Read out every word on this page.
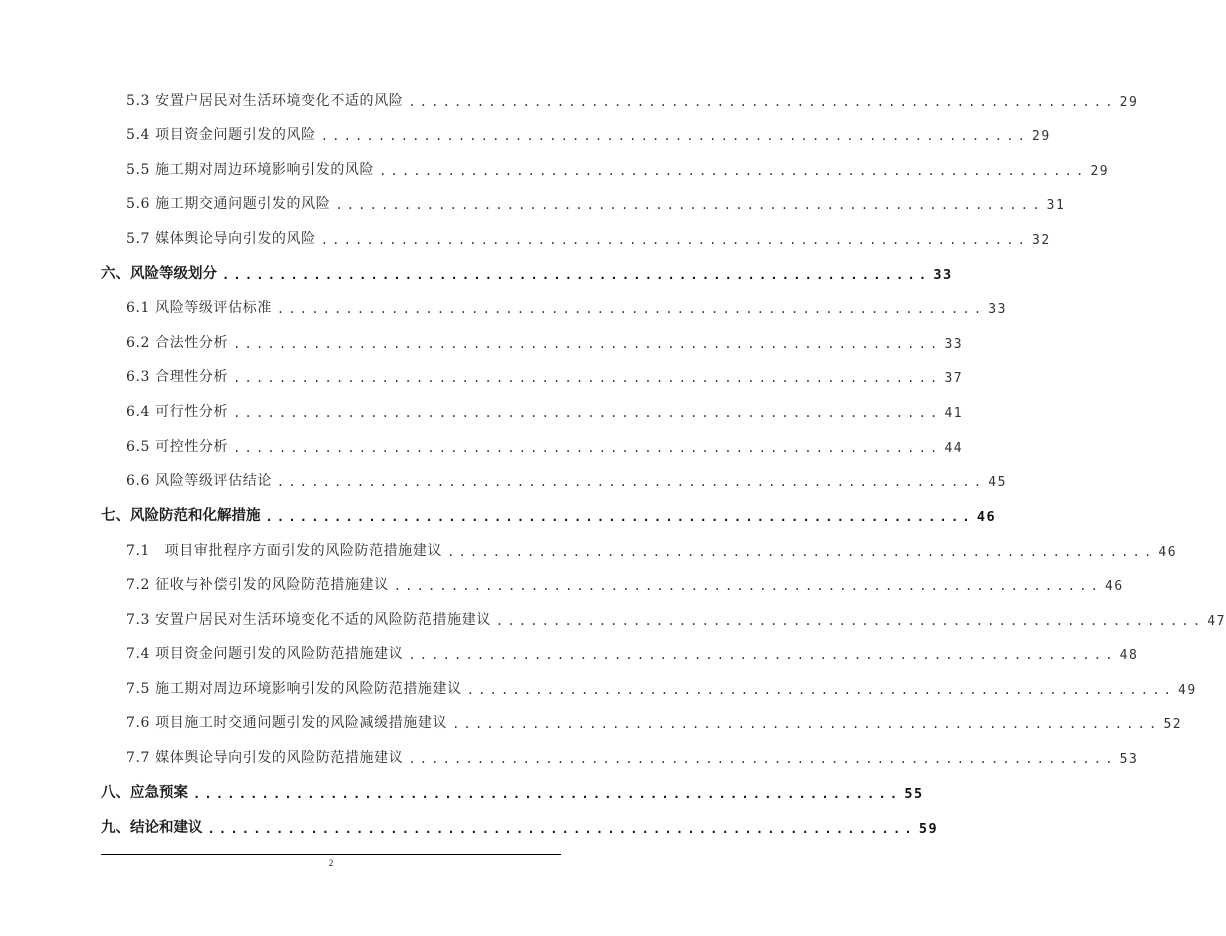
5.3 安置户居民对生活环境变化不适的风险 .............................................................. 29
5.4 项目资金问题引发的风险 .............................................................. 29
5.5 施工期对周边环境影响引发的风险 .............................................................. 29
5.6 施工期交通问题引发的风险 .............................................................. 31
5.7 媒体舆论导向引发的风险 .............................................................. 32
六、风险等级划分 .............................................................. 33
6.1 风险等级评估标准 .............................................................. 33
6.2 合法性分析 .............................................................. 33
6.3 合理性分析 .............................................................. 37
6.4 可行性分析 .............................................................. 41
6.5 可控性分析 .............................................................. 44
6.6 风险等级评估结论 .............................................................. 45
七、风险防范和化解措施 .............................................................. 46
7.1　项目审批程序方面引发的风险防范措施建议 .............................................................. 46
7.2 征收与补偿引发的风险防范措施建议 .............................................................. 46
7.3 安置户居民对生活环境变化不适的风险防范措施建议 .............................................................. 47
7.4 项目资金问题引发的风险防范措施建议 .............................................................. 48
7.5 施工期对周边环境影响引发的风险防范措施建议 .............................................................. 49
7.6 项目施工时交通问题引发的风险减缓措施建议 .............................................................. 52
7.7 媒体舆论导向引发的风险防范措施建议 .............................................................. 53
八、应急预案 .............................................................. 55
九、结论和建议 .............................................................. 59
2
